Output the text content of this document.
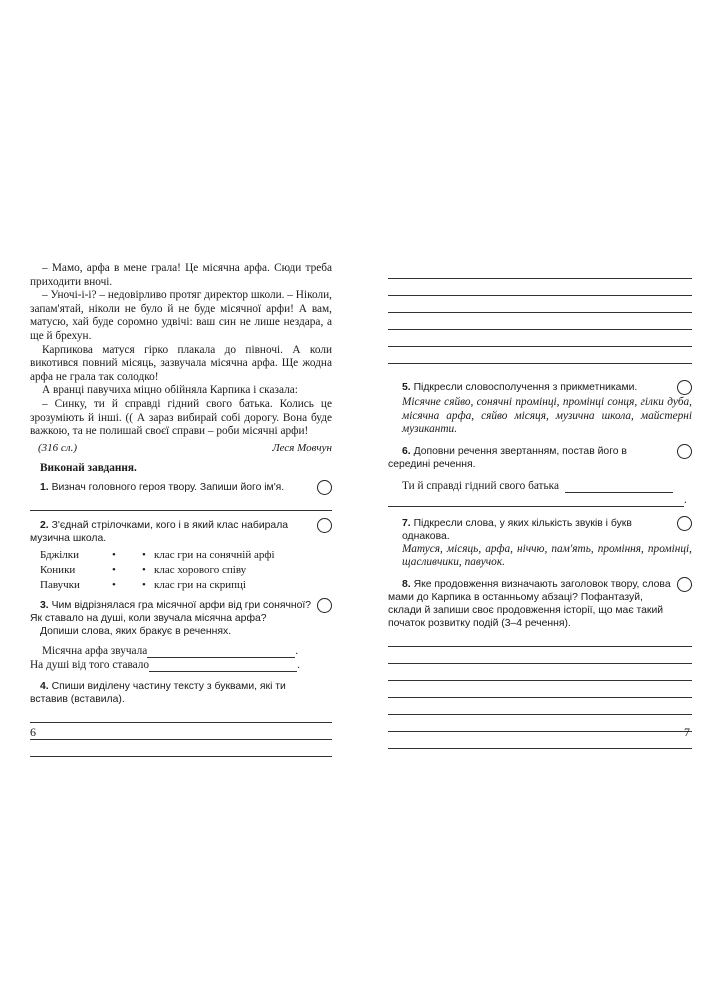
– Мамо, арфа в мене грала! Це місячна арфа. Сюди треба приходити вночі.

– Уночі-і-і? – недовірливо протяг директор школи. – Ніколи, запам'ятай, ніколи не було й не буде місячної арфи! А вам, матусю, хай буде соромно удвічі: ваш син не лише нездара, а ще й брехун.

Карпикова матуся гірко плакала до півночі. А коли викотився повний місяць, зазвучала місячна арфа. Ще жодна арфа не грала так солодко!

А вранці павучиха міцно обійняла Карпика і сказала:

– Синку, ти й справді гідний свого батька. Колись це зрозуміють й інші. (( А зараз вибирай собі дорогу. Вона буде важкою, та не полишай своєї справи – роби місячні арфи!

(316 сл.)	Леся Мовчун
Виконай завдання.
1. Визнач головного героя твору. Запиши його ім'я.
2. З'єднай стрілочками, кого і в який клас набирала музична школа.
Бджілки	•	• клас гри на сонячній арфі
Коники	•	• клас хорового співу
Павучки	•	• клас гри на скрипці
3. Чим відрізнялася гра місячної арфи від гри сонячної? Як ставало на душі, коли звучала місячна арфа?
Допиши слова, яких бракує в реченнях.
Місячна арфа звучала	.
На душі від того ставало	.
4. Спиши виділену частину тексту з буквами, які ти вставив (вставила).
6
5. Підкресли словосполучення з прикметниками.

Місячне сяйво, сонячні промінці, промінці сонця, гілки дуба, місячна арфа, сяйво місяця, музична школа, майстерні музиканти.

6. Доповни речення звертанням, постав його в середині речення.
Ти й справді гідний свого батька
.
7. Підкресли слова, у яких кількість звуків і букв однакова.

Матуся, місяць, арфа, ніччю, пам'ять, проміння, промінці, щасливчики, павучок.

8. Яке продовження визначають заголовок твору, слова мами до Карпика в останньому абзаці? Пофантазуй, склади й запиши своє продовження історії, що має такий початок розвитку подій (3–4 речення).
7
